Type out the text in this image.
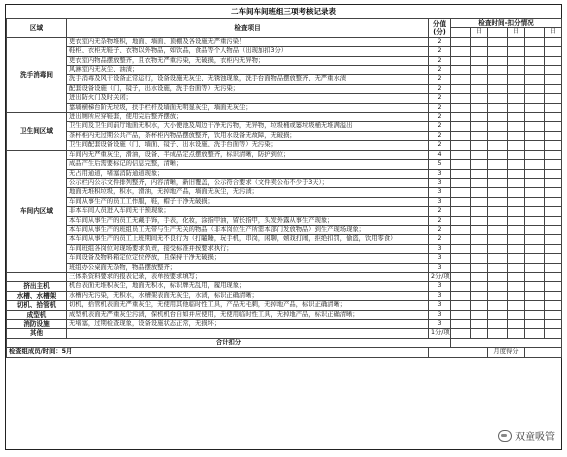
二车间车间班组三项考核记录表
区域	检查项目	分值
(分)	检查时间-扣分情况					
				日		日		日
洗手消毒间	更衣室内无杂物堆积，地面、墙面、顶棚及各设施无严重污染！	2						
	鞋柜、衣柜无鞋子、衣物以外物品，如饮品，食品等个人物品（出现加扣3分）	2						
	更衣室内物品摆放整齐，且衣物无严重污染，无破损，衣柜内无异物；	2						
	风淋室内无灰尘、油渍；	2						
	洗手消毒及风干设备正常运行，设备设施无灰尘、无锈蚀现象，洗手台面物品摆放整齐、无严重水渍	2						
	配套设备设施（门，镜子，出水设施，洗手台面等）无污染；	2						
	进出防火门及时关闭；	2						
	靠墙横梯台阶无垃圾，扶手栏杆及墙面无明显灰尘，墙面无灰尘；	2						
卫生间区域	进出厕所应穿鞋套，使用完后整齐摆放；	2						
	卫生间及卫生间前厅地面无积水，大小便池及周边干净无污物，无异物，垃圾桶或篓垃圾桶无堆满溢出	2						
	茶杯柜内无过期公共产品，茶杯柜内物品摆放整齐，饮用水设备无故障，无破损；	2						
	卫生间配套设备设施（门、墙面、镜子、出水设施、洗手台面等）无污染；	2						
车间内区域	车间内无严重灰尘，滑油，设备、半成品定点摆放整齐，标识清晰，防护到位；	4						
	成品产生后需要标记的信息完整，清晰；	5						
	无占用通道，堵塞消防通道现象；	3						
	公示栏内公示文件排列整齐，内容清晰，新旧覆盖，公示符合要求（文件卖公布不少于3天）；	3						
	地面无堆积垃圾，积水，滑油，无掉地产品，墙面无灰尘，无污渍；	3						
	车间从事生产的员工工作服，鞋，帽子干净无破损；	3						
	非本车间人员进入车间无干预现象；	2						
	本车间从事生产的员工无戴手饰，手表，化妆，涂指甲油，留长指甲，头发外露从事生产现象；	2						
	本车间从事生产的班组员工无带与生产无关的物品（非本岗位生产所需本部门发放物品）到生产现场现象；	2						
	本车间从事生产的员工上班期间无不良行为（打瞌睡，玩手机，串岗，闲聊，嬉戏打闹，拒绝扣罚，偷盗，饮用零食）	2						
	车间班组各岗位对现场要求负责，接受标准并按要求执行；	3						
	车间设备及物料箱定位定位停放，且保持干净无破损；	3						
	班组办公桌面无杂物，物品摆放整齐；	3						
	三体系资料要求的报表记录，表单按要求填写；	2分/项						
挤出主机	机台表面无堆积灰尘，地面无积水，标识牌无乱用，履用现象；	3						
水槽、水槽架	水槽内无污染，无积水，水槽架表面无灰尘，水渍，标识正确清晰；	3						
切机、拾管机	切机，拾管机表面无严重灰尘，无使用其他临时性工具，产品无毛刺，无掉地产品，标识正确清晰；	3						
成型机	成型机表面无严重灰尘污渍，保机机台自如并应使用，无使用临时性工具，无掉地产品，标识正确清晰；	3						
消防设施	无堵塞，过期检查现象，设备设施状态正常，无损坏；	3						
其他		1分/项						
合计扣分								
检查组成员/时间：5月					月度得分			
双童吸管
